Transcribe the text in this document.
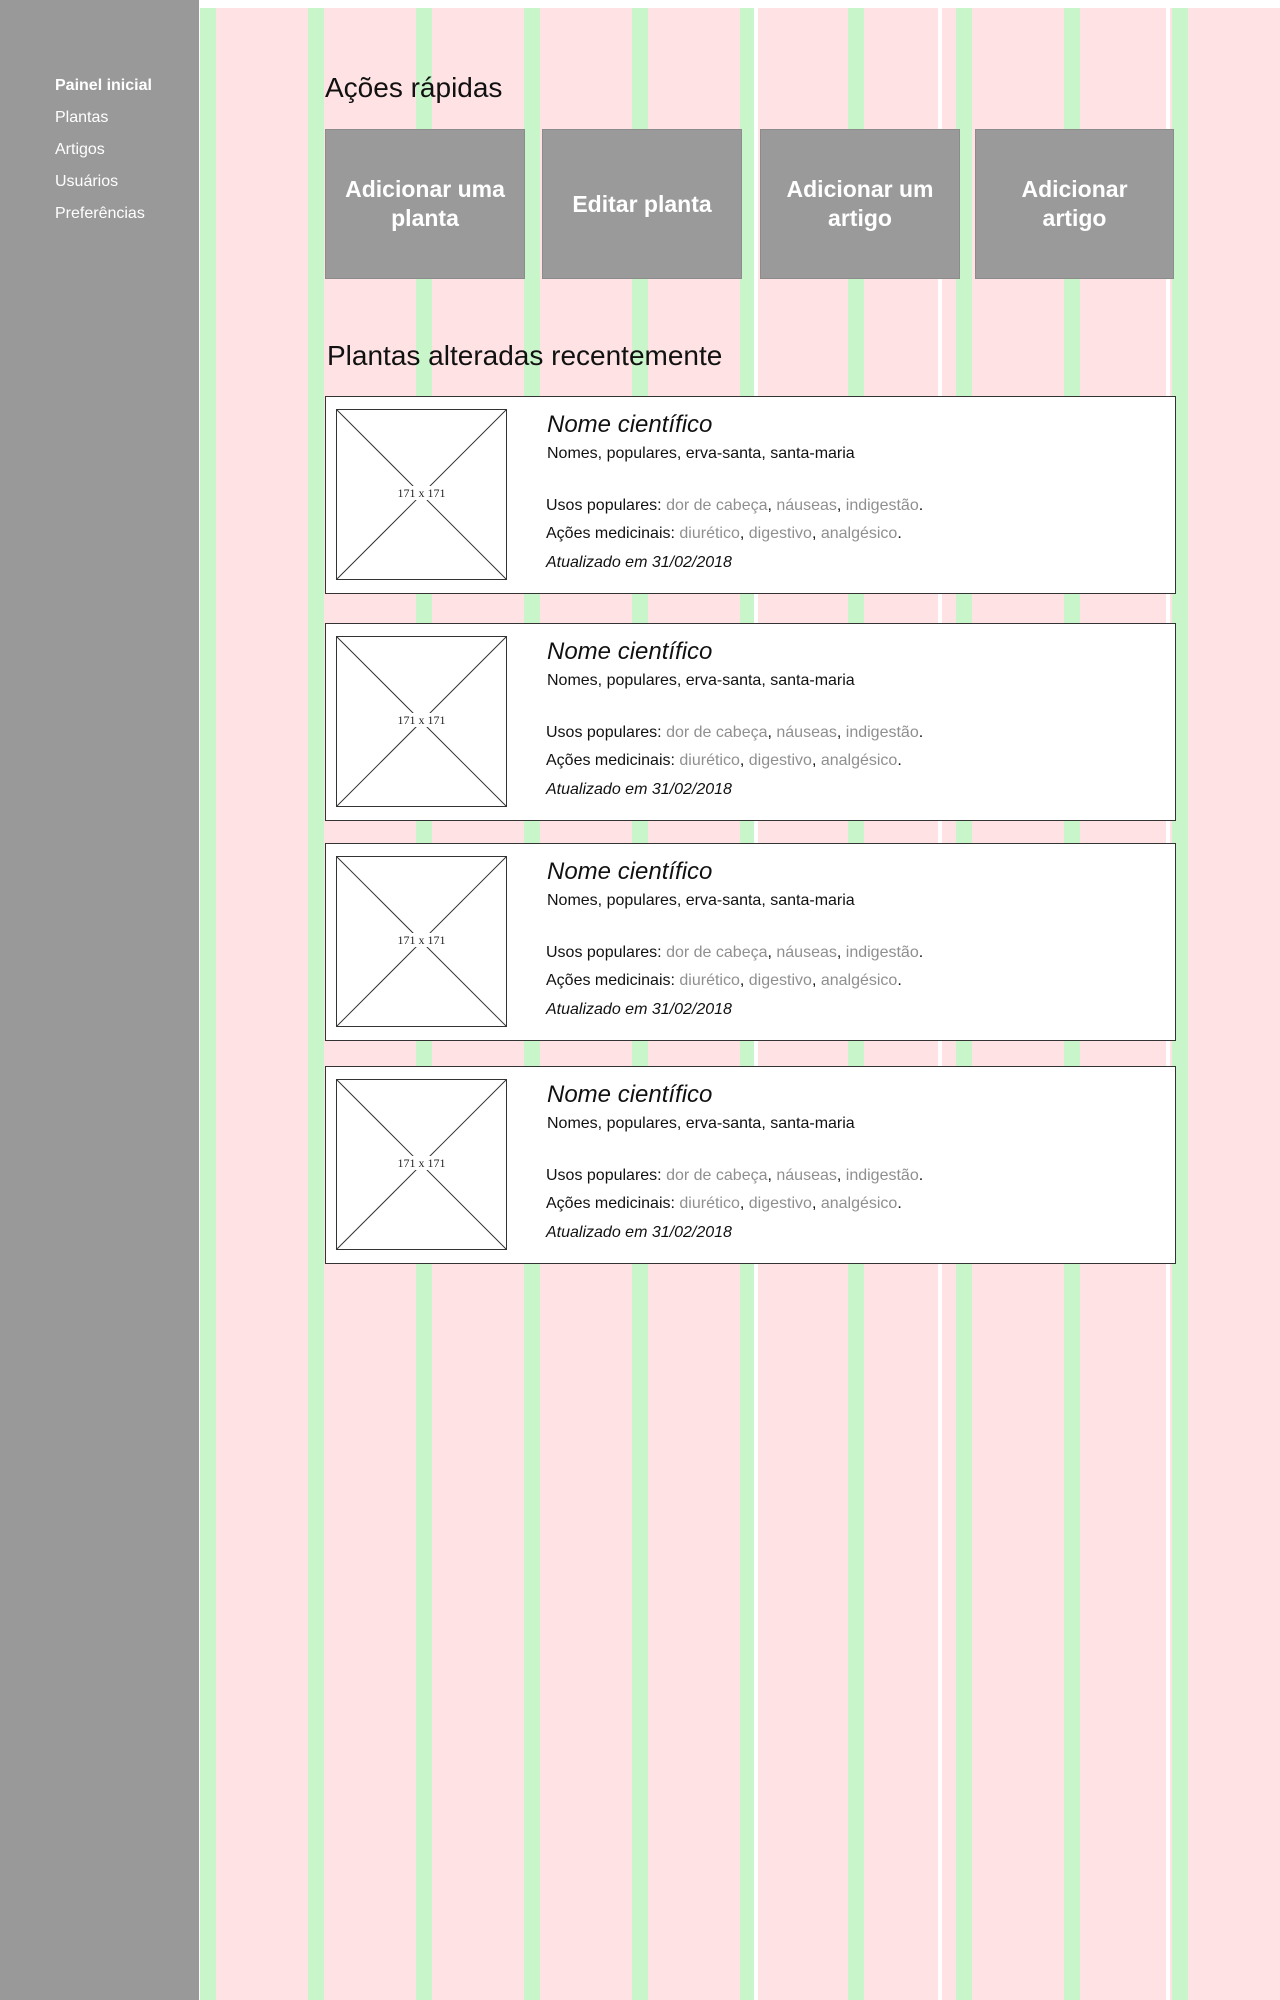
Painel inicial
Plantas
Artigos
Usuários
Preferências
Ações rápidas
Adicionar uma planta
Editar planta
Adicionar um artigo
Adicionar artigo
Plantas alteradas recentemente
171 x 171
Nome científico
Nomes, populares, erva-santa, santa-maria
Usos populares: dor de cabeça, náuseas, indigestão.
Ações medicinais: diurético, digestivo, analgésico.
Atualizado em 31/02/2018
171 x 171
Nome científico
Nomes, populares, erva-santa, santa-maria
Usos populares: dor de cabeça, náuseas, indigestão.
Ações medicinais: diurético, digestivo, analgésico.
Atualizado em 31/02/2018
171 x 171
Nome científico
Nomes, populares, erva-santa, santa-maria
Usos populares: dor de cabeça, náuseas, indigestão.
Ações medicinais: diurético, digestivo, analgésico.
Atualizado em 31/02/2018
171 x 171
Nome científico
Nomes, populares, erva-santa, santa-maria
Usos populares: dor de cabeça, náuseas, indigestão.
Ações medicinais: diurético, digestivo, analgésico.
Atualizado em 31/02/2018
